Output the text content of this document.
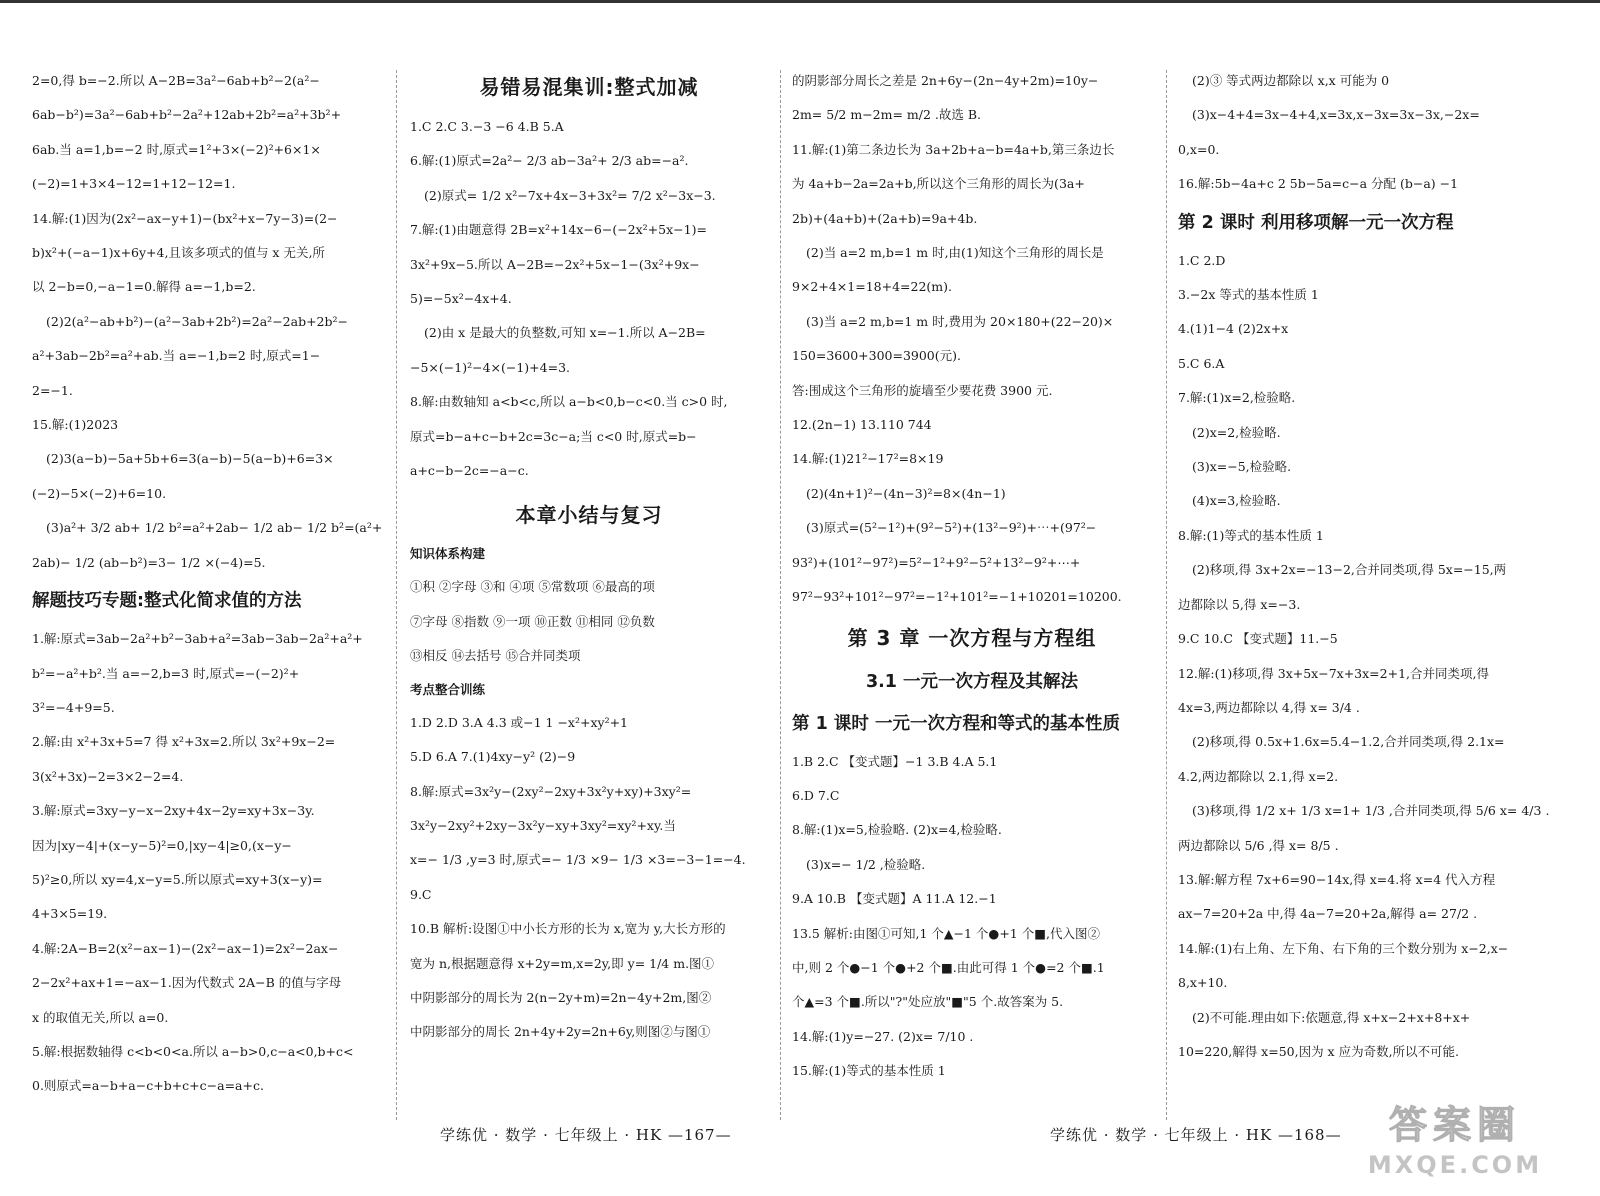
2=0,得 b=−2.所以 A−2B=3a²−6ab+b²−2(a²−
6ab−b²)=3a²−6ab+b²−2a²+12ab+2b²=a²+3b²+
6ab.当 a=1,b=−2 时,原式=1²+3×(−2)²+6×1×
(−2)=1+3×4−12=1+12−12=1.
14.解:(1)因为(2x²−ax−y+1)−(bx²+x−7y−3)=(2−
b)x²+(−a−1)x+6y+4,且该多项式的值与 x 无关,所
以 2−b=0,−a−1=0.解得 a=−1,b=2.
(2)2(a²−ab+b²)−(a²−3ab+2b²)=2a²−2ab+2b²−
a²+3ab−2b²=a²+ab.当 a=−1,b=2 时,原式=1−
2=−1.
15.解:(1)2023
(2)3(a−b)−5a+5b+6=3(a−b)−5(a−b)+6=3×
(−2)−5×(−2)+6=10.
(3)a²+ 3/2 ab+ 1/2 b²=a²+2ab− 1/2 ab− 1/2 b²=(a²+
2ab)− 1/2 (ab−b²)=3− 1/2 ×(−4)=5.
解题技巧专题:整式化简求值的方法
1.解:原式=3ab−2a²+b²−3ab+a²=3ab−3ab−2a²+a²+
b²=−a²+b².当 a=−2,b=3 时,原式=−(−2)²+
3²=−4+9=5.
2.解:由 x²+3x+5=7 得 x²+3x=2.所以 3x²+9x−2=
3(x²+3x)−2=3×2−2=4.
3.解:原式=3xy−y−x−2xy+4x−2y=xy+3x−3y.
因为|xy−4|+(x−y−5)²=0,|xy−4|≥0,(x−y−
5)²≥0,所以 xy=4,x−y=5.所以原式=xy+3(x−y)=
4+3×5=19.
4.解:2A−B=2(x²−ax−1)−(2x²−ax−1)=2x²−2ax−
2−2x²+ax+1=−ax−1.因为代数式 2A−B 的值与字母
x 的取值无关,所以 a=0.
5.解:根据数轴得 c<b<0<a.所以 a−b>0,c−a<0,b+c<
0.则原式=a−b+a−c+b+c+c−a=a+c.
易错易混集训:整式加减
1.C 2.C 3.−3 −6 4.B 5.A
6.解:(1)原式=2a²− 2/3 ab−3a²+ 2/3 ab=−a².
(2)原式= 1/2 x²−7x+4x−3+3x²= 7/2 x²−3x−3.
7.解:(1)由题意得 2B=x²+14x−6−(−2x²+5x−1)=
3x²+9x−5.所以 A−2B=−2x²+5x−1−(3x²+9x−
5)=−5x²−4x+4.
(2)由 x 是最大的负整数,可知 x=−1.所以 A−2B=
−5×(−1)²−4×(−1)+4=3.
8.解:由数轴知 a<b<c,所以 a−b<0,b−c<0.当 c>0 时,
原式=b−a+c−b+2c=3c−a;当 c<0 时,原式=b−
a+c−b−2c=−a−c.
本章小结与复习
知识体系构建
①积 ②字母 ③和 ④项 ⑤常数项 ⑥最高的项
⑦字母 ⑧指数 ⑨一项 ⑩正数 ⑪相同 ⑫负数
⑬相反 ⑭去括号 ⑮合并同类项
考点整合训练
1.D 2.D 3.A 4.3 或−1 1 −x²+xy²+1
5.D 6.A 7.(1)4xy−y² (2)−9
8.解:原式=3x²y−(2xy²−2xy+3x²y+xy)+3xy²=
3x²y−2xy²+2xy−3x²y−xy+3xy²=xy²+xy.当
x=− 1/3 ,y=3 时,原式=− 1/3 ×9− 1/3 ×3=−3−1=−4.
9.C
10.B 解析:设图①中小长方形的长为 x,宽为 y,大长方形的
宽为 n,根据题意得 x+2y=m,x=2y,即 y= 1/4 m.图①
中阴影部分的周长为 2(n−2y+m)=2n−4y+2m,图②
中阴影部分的周长 2n+4y+2y=2n+6y,则图②与图①
的阴影部分周长之差是 2n+6y−(2n−4y+2m)=10y−
2m= 5/2 m−2m= m/2 .故选 B.
11.解:(1)第二条边长为 3a+2b+a−b=4a+b,第三条边长
为 4a+b−2a=2a+b,所以这个三角形的周长为(3a+
2b)+(4a+b)+(2a+b)=9a+4b.
(2)当 a=2 m,b=1 m 时,由(1)知这个三角形的周长是
9×2+4×1=18+4=22(m).
(3)当 a=2 m,b=1 m 时,费用为 20×180+(22−20)×
150=3600+300=3900(元).
答:围成这个三角形的旋墙至少要花费 3900 元.
12.(2n−1) 13.110 744
14.解:(1)21²−17²=8×19
(2)(4n+1)²−(4n−3)²=8×(4n−1)
(3)原式=(5²−1²)+(9²−5²)+(13²−9²)+⋯+(97²−
93²)+(101²−97²)=5²−1²+9²−5²+13²−9²+⋯+
97²−93²+101²−97²=−1²+101²=−1+10201=10200.
第 3 章 一次方程与方程组
3.1 一元一次方程及其解法
第 1 课时 一元一次方程和等式的基本性质
1.B 2.C 【变式题】−1 3.B 4.A 5.1
6.D 7.C
8.解:(1)x=5,检验略. (2)x=4,检验略.
(3)x=− 1/2 ,检验略.
9.A 10.B 【变式题】A 11.A 12.−1
13.5 解析:由图①可知,1 个▲−1 个●+1 个■,代入图②
中,则 2 个●−1 个●+2 个■.由此可得 1 个●=2 个■.1
个▲=3 个■.所以"?"处应放"■"5 个.故答案为 5.
14.解:(1)y=−27. (2)x= 7/10 .
15.解:(1)等式的基本性质 1
(2)③ 等式两边都除以 x,x 可能为 0
(3)x−4+4=3x−4+4,x=3x,x−3x=3x−3x,−2x=
0,x=0.
16.解:5b−4a+c 2 5b−5a=c−a 分配 (b−a) −1
第 2 课时 利用移项解一元一次方程
1.C 2.D
3.−2x 等式的基本性质 1
4.(1)1−4 (2)2x+x
5.C 6.A
7.解:(1)x=2,检验略.
(2)x=2,检验略.
(3)x=−5,检验略.
(4)x=3,检验略.
8.解:(1)等式的基本性质 1
(2)移项,得 3x+2x=−13−2,合并同类项,得 5x=−15,两
边都除以 5,得 x=−3.
9.C 10.C 【变式题】11.−5
12.解:(1)移项,得 3x+5x−7x+3x=2+1,合并同类项,得
4x=3,两边都除以 4,得 x= 3/4 .
(2)移项,得 0.5x+1.6x=5.4−1.2,合并同类项,得 2.1x=
4.2,两边都除以 2.1,得 x=2.
(3)移项,得 1/2 x+ 1/3 x=1+ 1/3 ,合并同类项,得 5/6 x= 4/3 .
两边都除以 5/6 ,得 x= 8/5 .
13.解:解方程 7x+6=90−14x,得 x=4.将 x=4 代入方程
ax−7=20+2a 中,得 4a−7=20+2a,解得 a= 27/2 .
14.解:(1)右上角、左下角、右下角的三个数分别为 x−2,x−
8,x+10.
(2)不可能.理由如下:依题意,得 x+x−2+x+8+x+
10=220,解得 x=50,因为 x 应为奇数,所以不可能.
学练优 · 数学 · 七年级上 · HK —167—	学练优 · 数学 · 七年级上 · HK —168—	答案圈
MXQE.COM
